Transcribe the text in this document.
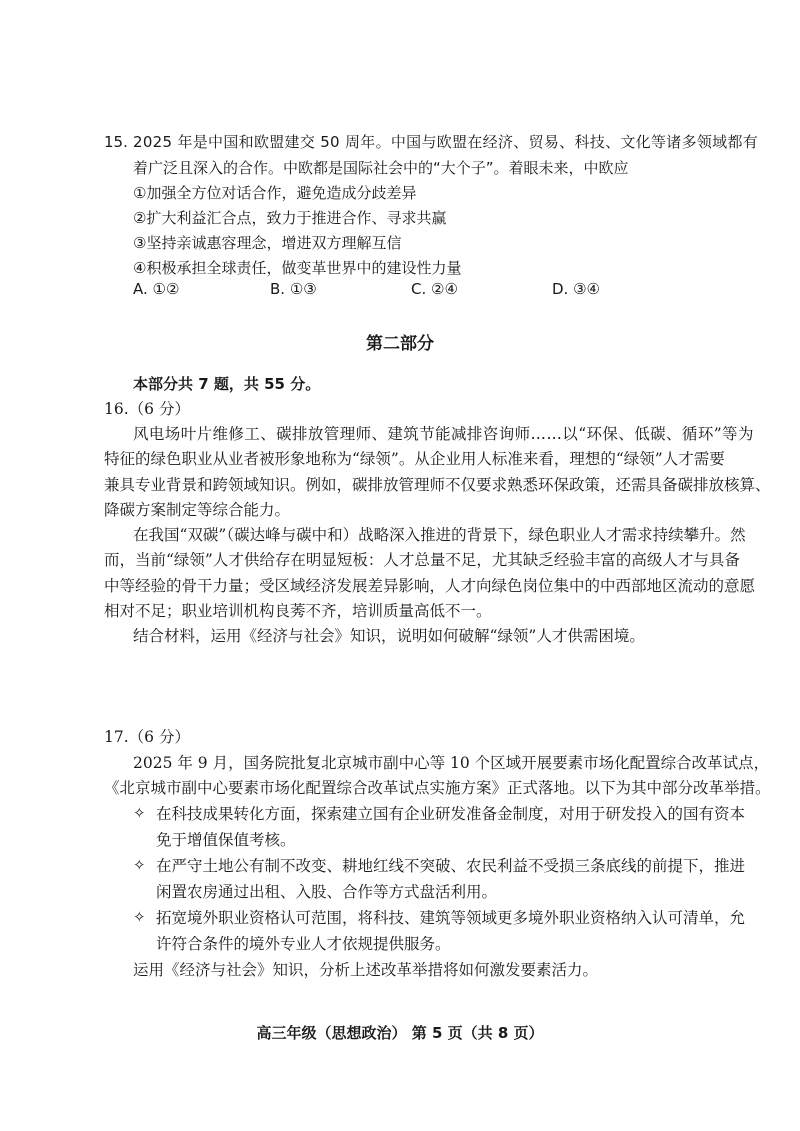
15. 2025 年是中国和欧盟建交 50 周年。中国与欧盟在经济、贸易、科技、文化等诸多领域都有
着广泛且深入的合作。中欧都是国际社会中的“大个子”。着眼未来，中欧应
①加强全方位对话合作，避免造成分歧差异
②扩大利益汇合点，致力于推进合作、寻求共赢
③坚持亲诚惠容理念，增进双方理解互信
④积极承担全球责任，做变革世界中的建设性力量
A. ①②	B. ①③	C. ②④	D. ③④
第二部分
本部分共 7 题，共 55 分。
16.（6 分）
风电场叶片维修工、碳排放管理师、建筑节能减排咨询师……以“环保、低碳、循环”等为
特征的绿色职业从业者被形象地称为“绿领”。从企业用人标准来看，理想的“绿领”人才需要
兼具专业背景和跨领域知识。例如，碳排放管理师不仅要求熟悉环保政策，还需具备碳排放核算、
降碳方案制定等综合能力。
在我国“双碳”（碳达峰与碳中和）战略深入推进的背景下，绿色职业人才需求持续攀升。然
而，当前“绿领”人才供给存在明显短板：人才总量不足，尤其缺乏经验丰富的高级人才与具备
中等经验的骨干力量；受区域经济发展差异影响，人才向绿色岗位集中的中西部地区流动的意愿
相对不足；职业培训机构良莠不齐，培训质量高低不一。
结合材料，运用《经济与社会》知识，说明如何破解“绿领”人才供需困境。
17.（6 分）
2025 年 9 月，国务院批复北京城市副中心等 10 个区域开展要素市场化配置综合改革试点，
《北京城市副中心要素市场化配置综合改革试点实施方案》正式落地。以下为其中部分改革举措。
✧ 在科技成果转化方面，探索建立国有企业研发准备金制度，对用于研发投入的国有资本
免于增值保值考核。
✧ 在严守土地公有制不改变、耕地红线不突破、农民利益不受损三条底线的前提下，推进
闲置农房通过出租、入股、合作等方式盘活利用。
✧ 拓宽境外职业资格认可范围，将科技、建筑等领域更多境外职业资格纳入认可清单，允
许符合条件的境外专业人才依规提供服务。
运用《经济与社会》知识，分析上述改革举措将如何激发要素活力。
高三年级（思想政治） 第 5 页（共 8 页）
